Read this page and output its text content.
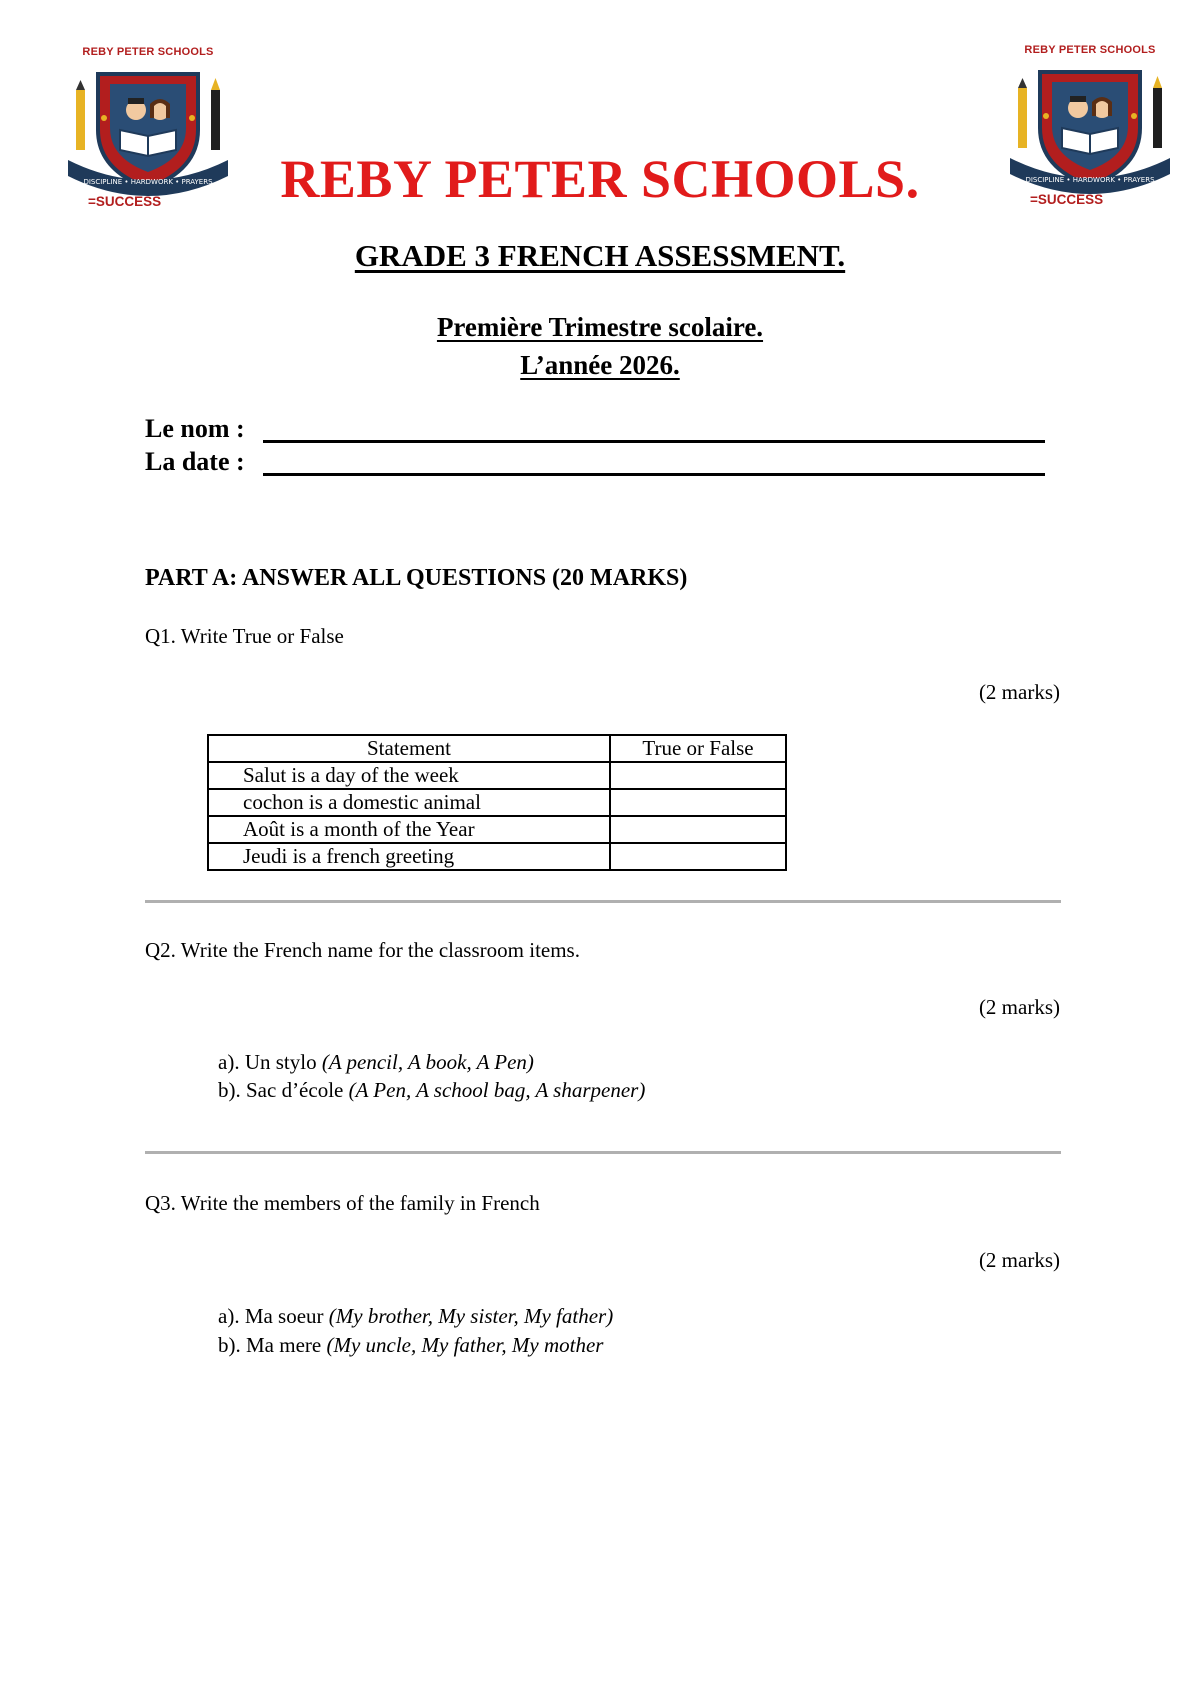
REBY PETER SCHOOLS
DISCIPLINE • HARDWORK • PRAYERS
=SUCCESS
REBY PETER SCHOOLS
DISCIPLINE • HARDWORK • PRAYERS
=SUCCESS
REBY PETER SCHOOLS.
GRADE 3 FRENCH ASSESSMENT.
Première Trimestre scolaire.
L’année 2026.
Le nom :
La date :
PART A: ANSWER ALL QUESTIONS (20 MARKS)
Q1. Write True or False
(2 marks)
Statement	True or False
Salut is a day of the week	
cochon is a domestic animal	
Août is a month of the Year	
Jeudi is a french greeting	
Q2. Write the French name for the classroom items.
(2 marks)
a). Un stylo (A pencil, A book, A Pen)
b). Sac d’école (A Pen, A school bag, A sharpener)
Q3. Write the members of the family in French
(2 marks)
a). Ma soeur (My brother, My sister, My father)
b). Ma mere (My uncle, My father, My mother
